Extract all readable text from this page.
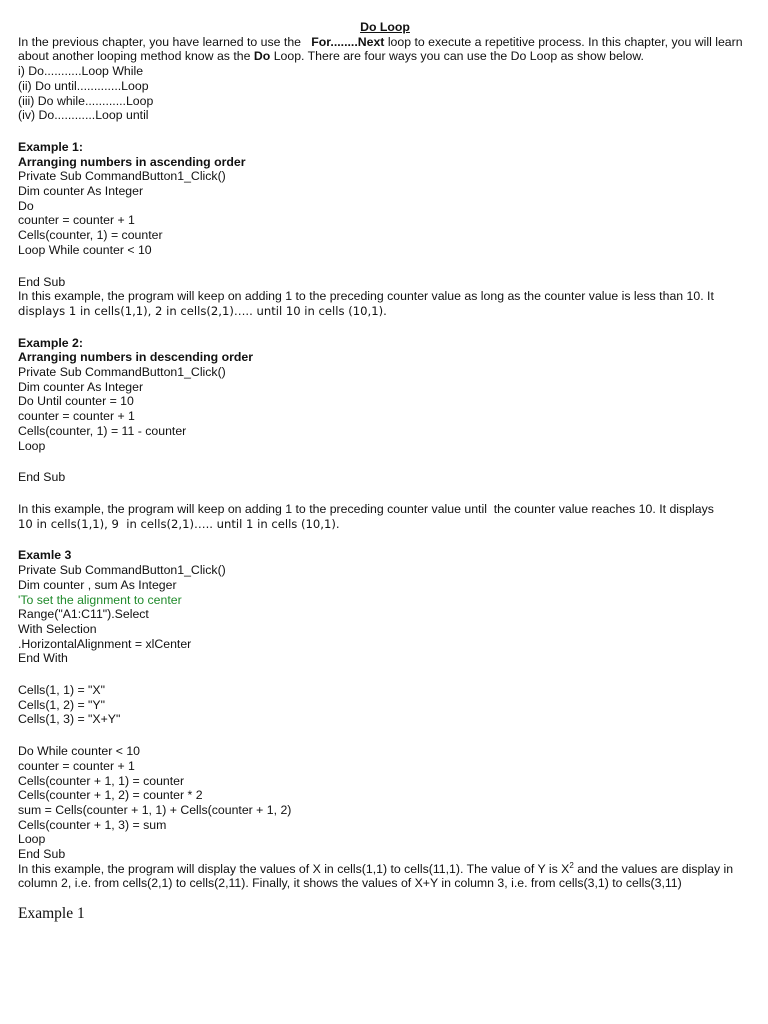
Do Loop

In the previous chapter, you have learned to use the For........Next loop to execute a repetitive process. In this chapter, you will learn about another looping method know as the Do Loop. There are four ways you can use the Do Loop as show below.

i) Do...........Loop While

(ii) Do until.............Loop

(iii) Do while............Loop

(iv) Do............Loop until

Example 1:

Arranging numbers in ascending order

Private Sub CommandButton1_Click()

Dim counter As Integer

Do

counter = counter + 1

Cells(counter, 1) = counter

Loop While counter < 10

End Sub

In this example, the program will keep on adding 1 to the preceding counter value as long as the counter value is less than 10. It

displays 1 in cells(1,1), 2 in cells(2,1)….. until 10 in cells (10,1).

Example 2:

Arranging numbers in descending order

Private Sub CommandButton1_Click()

Dim counter As Integer

Do Until counter = 10

counter = counter + 1

Cells(counter, 1) = 11 - counter

Loop

End Sub

In this example, the program will keep on adding 1 to the preceding counter value until  the counter value reaches 10. It displays

10 in cells(1,1), 9  in cells(2,1)….. until 1 in cells (10,1).

Examle 3

Private Sub CommandButton1_Click()

Dim counter , sum As Integer

'To set the alignment to center

Range("A1:C11").Select

With Selection

.HorizontalAlignment = xlCenter

End With

Cells(1, 1) = "X"

Cells(1, 2) = "Y"

Cells(1, 3) = "X+Y"

Do While counter < 10

counter = counter + 1

Cells(counter + 1, 1) = counter

Cells(counter + 1, 2) = counter * 2

sum = Cells(counter + 1, 1) + Cells(counter + 1, 2)

Cells(counter + 1, 3) = sum

Loop

End Sub

In this example, the program will display the values of X in cells(1,1) to cells(11,1). The value of Y is $X^2$ and the values are display in column 2, i.e. from cells(2,1) to cells(2,11). Finally, it shows the values of X+Y in column 3, i.e. from cells(3,1) to cells(3,11)

Example 1
